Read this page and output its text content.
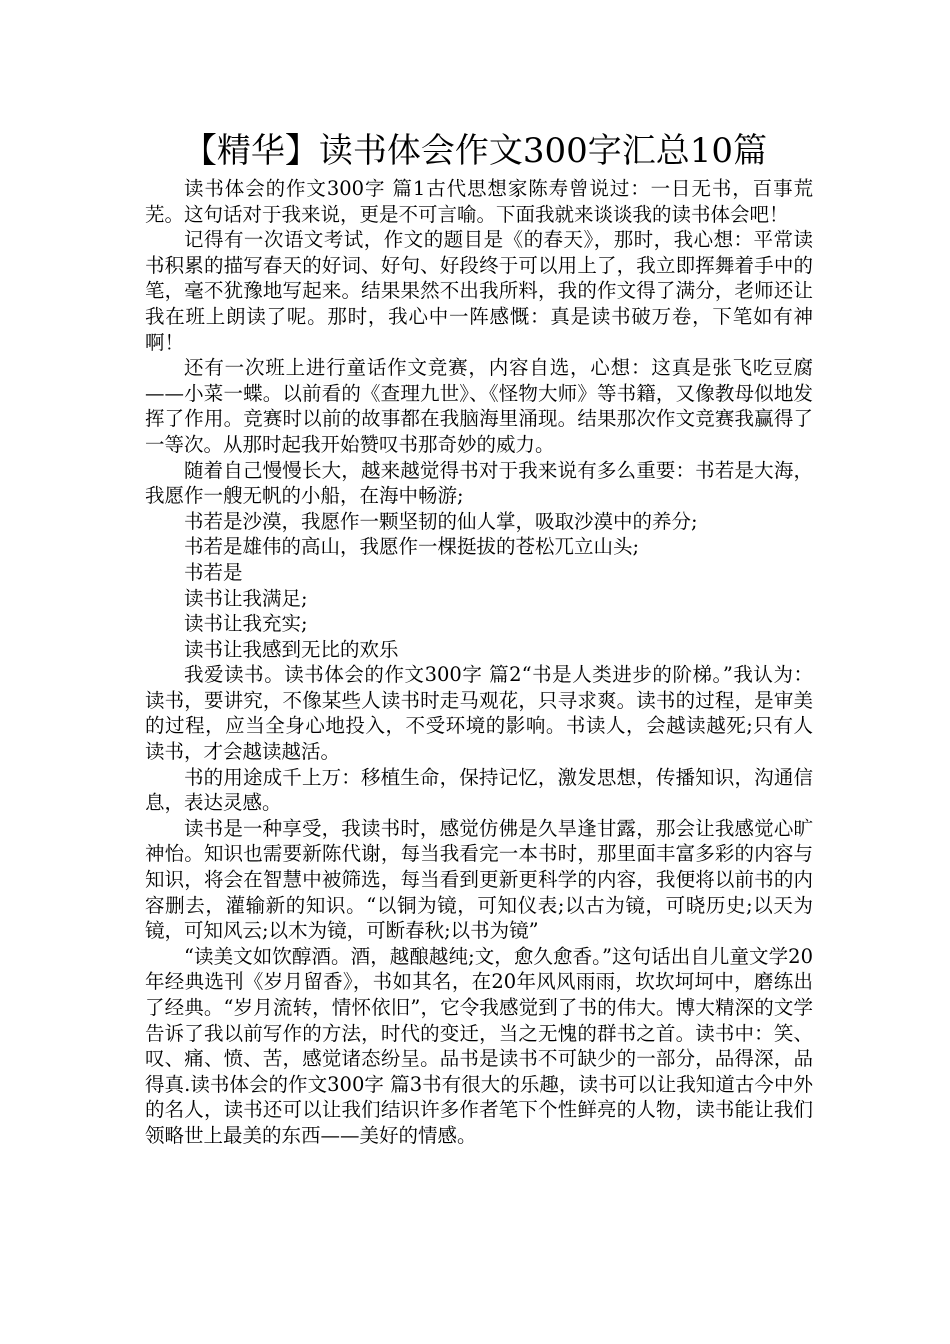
【精华】读书体会作文300字汇总10篇

读书体会的作文300字 篇1古代思想家陈寿曾说过：一日无书，百事荒芜。这句话对于我来说，更是不可言喻。下面我就来谈谈我的读书体会吧！

记得有一次语文考试，作文的题目是《的春天》，那时，我心想：平常读书积累的描写春天的好词、好句、好段终于可以用上了，我立即挥舞着手中的笔，毫不犹豫地写起来。结果果然不出我所料，我的作文得了满分，老师还让我在班上朗读了呢。那时，我心中一阵感慨：真是读书破万卷，下笔如有神啊！

还有一次班上进行童话作文竞赛，内容自选，心想：这真是张飞吃豆腐——小菜一蝶。以前看的《查理九世》、《怪物大师》等书籍，又像教母似地发挥了作用。竞赛时以前的故事都在我脑海里涌现。结果那次作文竞赛我赢得了一等次。从那时起我开始赞叹书那奇妙的威力。

随着自己慢慢长大，越来越觉得书对于我来说有多么重要：书若是大海，我愿作一艘无帆的小船，在海中畅游;

书若是沙漠，我愿作一颗坚韧的仙人掌，吸取沙漠中的养分;

书若是雄伟的高山，我愿作一棵挺拔的苍松兀立山头;

书若是

读书让我满足;

读书让我充实;

读书让我感到无比的欢乐

我爱读书。读书体会的作文300字 篇2“书是人类进步的阶梯。”我认为：读书，要讲究，不像某些人读书时走马观花，只寻求爽。读书的过程，是审美的过程，应当全身心地投入，不受环境的影响。书读人，会越读越死;只有人读书，才会越读越活。

书的用途成千上万：移植生命，保持记忆，激发思想，传播知识，沟通信息，表达灵感。

读书是一种享受，我读书时，感觉仿佛是久旱逢甘露，那会让我感觉心旷神怡。知识也需要新陈代谢，每当我看完一本书时，那里面丰富多彩的内容与知识，将会在智慧中被筛选，每当看到更新更科学的内容，我便将以前书的内容删去，灌输新的知识。“以铜为镜，可知仪表;以古为镜，可晓历史;以天为镜，可知风云;以木为镜，可断春秋;以书为镜”

“读美文如饮醇酒。酒，越酿越纯;文，愈久愈香。”这句话出自儿童文学20年经典选刊《岁月留香》，书如其名，在20年风风雨雨，坎坎坷坷中，磨练出了经典。“岁月流转，情怀依旧”，它令我感觉到了书的伟大。博大精深的文学告诉了我以前写作的方法，时代的变迁，当之无愧的群书之首。读书中：笑、叹、痛、愤、苦，感觉诸态纷呈。品书是读书不可缺少的一部分，品得深，品得真.读书体会的作文300字 篇3书有很大的乐趣，读书可以让我知道古今中外的名人，读书还可以让我们结识许多作者笔下个性鲜亮的人物，读书能让我们领略世上最美的东西——美好的情感。
